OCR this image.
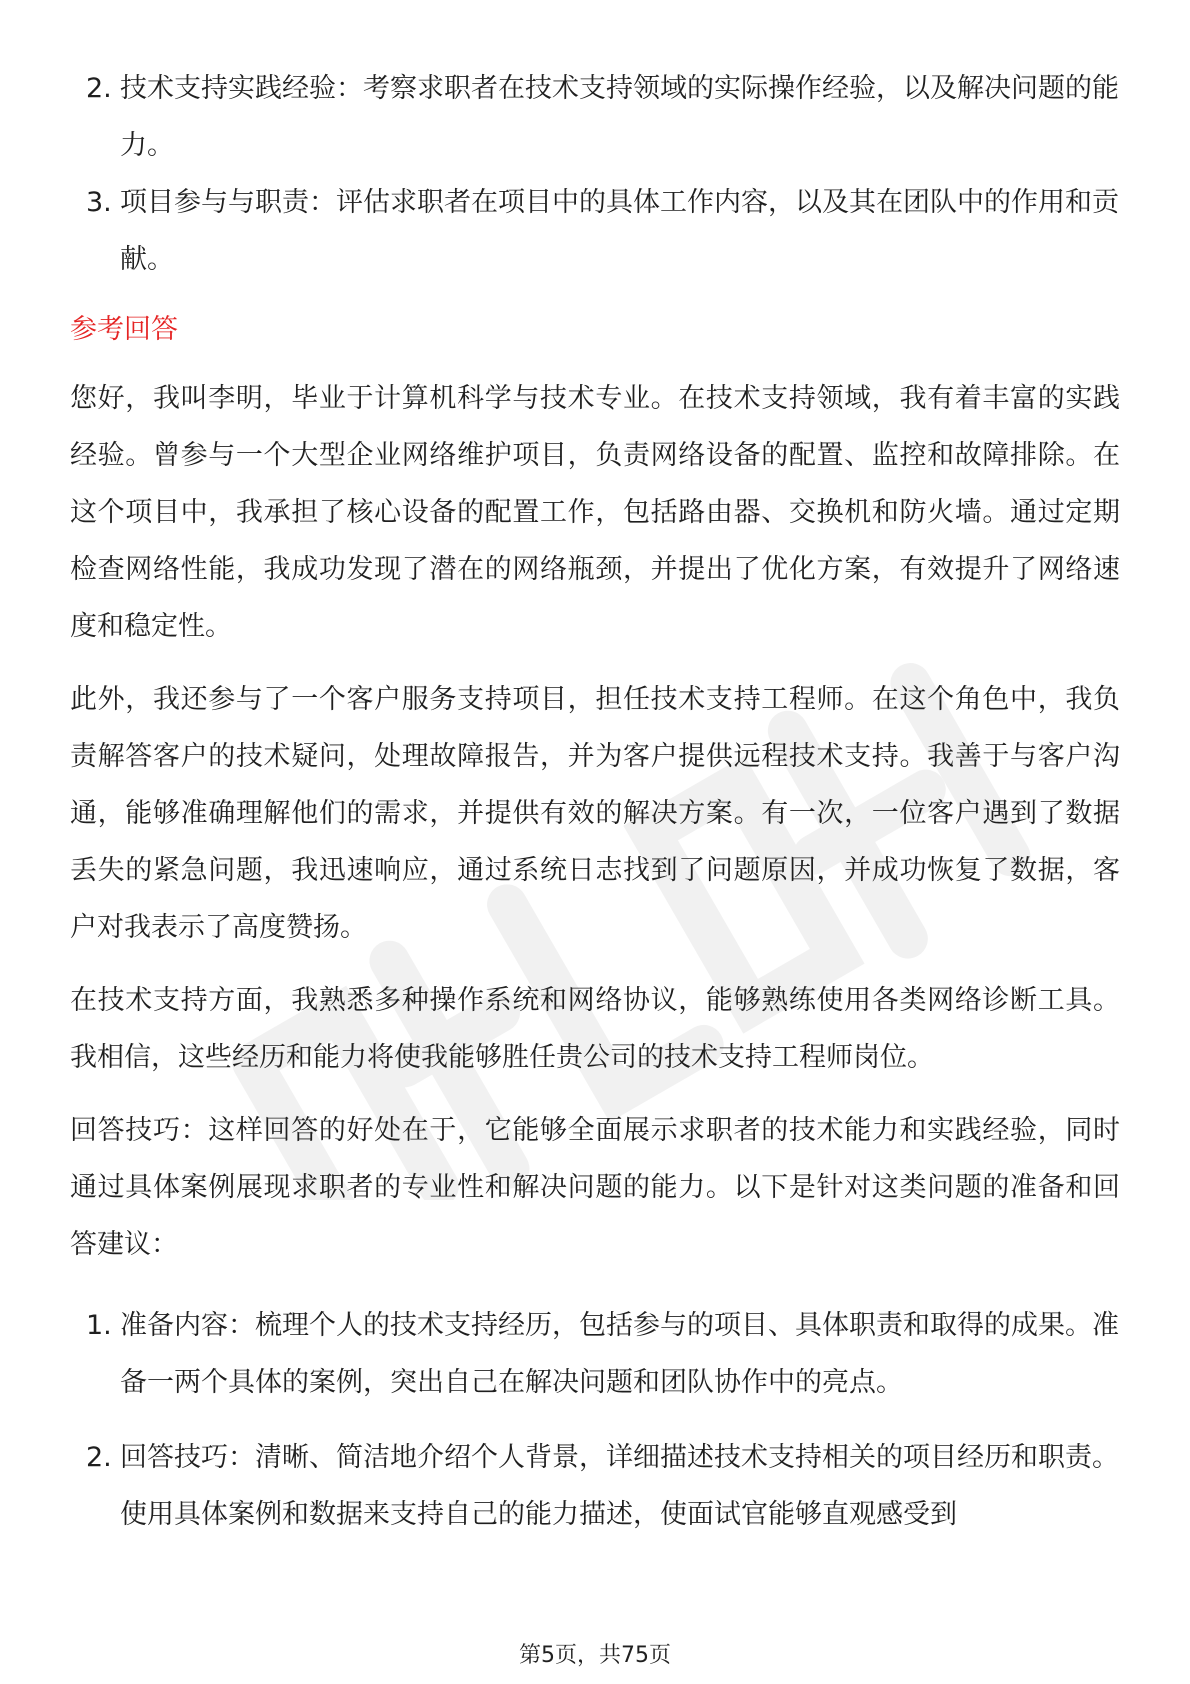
2. 技术支持实践经验：考察求职者在技术支持领域的实际操作经验，以及解决问题的能力。
3. 项目参与与职责：评估求职者在项目中的具体工作内容，以及其在团队中的作用和贡献。
参考回答

您好，我叫李明，毕业于计算机科学与技术专业。在技术支持领域，我有着丰富的实践经验。曾参与一个大型企业网络维护项目，负责网络设备的配置、监控和故障排除。在这个项目中，我承担了核心设备的配置工作，包括路由器、交换机和防火墙。通过定期检查网络性能，我成功发现了潜在的网络瓶颈，并提出了优化方案，有效提升了网络速度和稳定性。

此外，我还参与了一个客户服务支持项目，担任技术支持工程师。在这个角色中，我负责解答客户的技术疑问，处理故障报告，并为客户提供远程技术支持。我善于与客户沟通，能够准确理解他们的需求，并提供有效的解决方案。有一次，一位客户遇到了数据丢失的紧急问题，我迅速响应，通过系统日志找到了问题原因，并成功恢复了数据，客户对我表示了高度赞扬。

在技术支持方面，我熟悉多种操作系统和网络协议，能够熟练使用各类网络诊断工具。我相信，这些经历和能力将使我能够胜任贵公司的技术支持工程师岗位。

回答技巧：这样回答的好处在于，它能够全面展示求职者的技术能力和实践经验，同时通过具体案例展现求职者的专业性和解决问题的能力。以下是针对这类问题的准备和回答建议：

1. 准备内容：梳理个人的技术支持经历，包括参与的项目、具体职责和取得的成果。准备一两个具体的案例，突出自己在解决问题和团队协作中的亮点。
2. 回答技巧：清晰、简洁地介绍个人背景，详细描述技术支持相关的项目经历和职责。使用具体案例和数据来支持自己的能力描述，使面试官能够直观感受到
第5页，共75页
